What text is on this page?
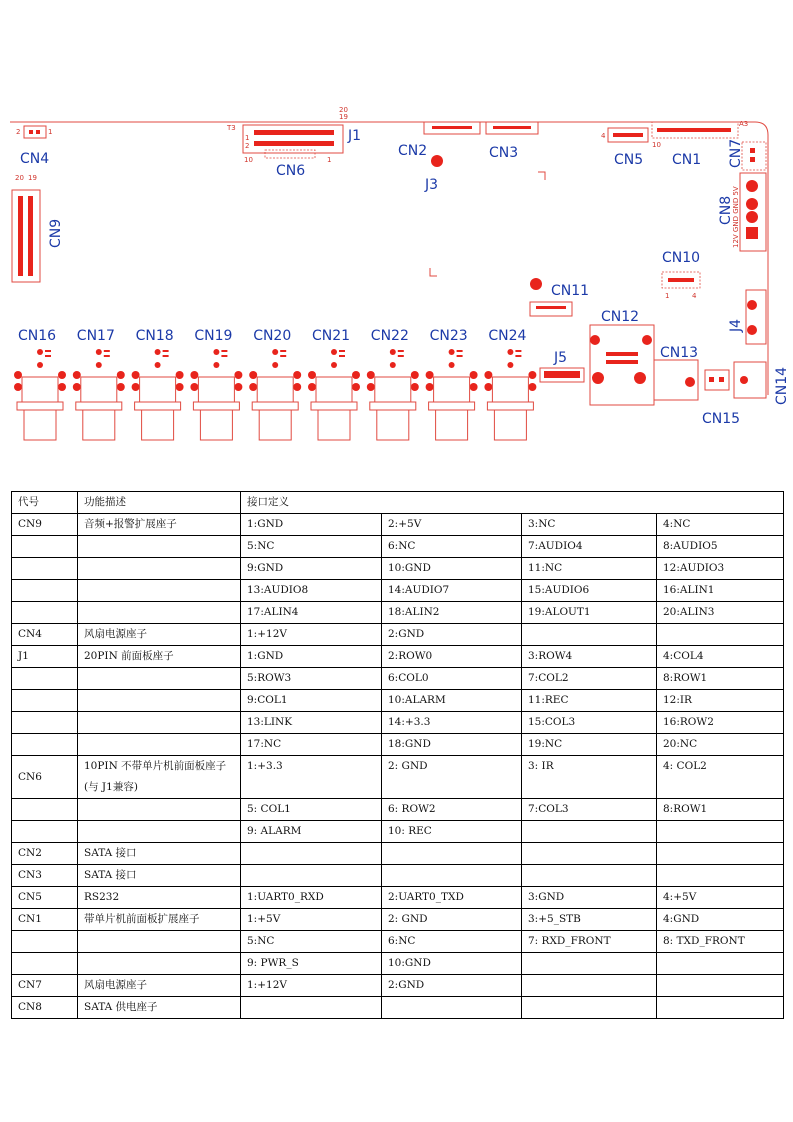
2	1
CN4
T3
1
2
20
19
10	1
J1
CN6
CN2	CN3
J3
4
CN5
10
A3
CN1 CN7
12V GND GND 5V
CN8
20 19
CN9
CN10
1	4
CN11
CN12
CN13
J4
J5
CN14
CN15
CN16 CN17 CN18 CN19 CN20 CN21 CN22 CN23 CN24
代号	功能描述	接口定义			
CN9	音频+报警扩展座子	1:GND	2:+5V	3:NC	4:NC
		5:NC	6:NC	7:AUDIO4	8:AUDIO5
		9:GND	10:GND	11:NC	12:AUDIO3
		13:AUDIO8	14:AUDIO7	15:AUDIO6	16:ALIN1
		17:ALIN4	18:ALIN2	19:ALOUT1	20:ALIN3
CN4	风扇电源座子	1:+12V	2:GND		
J1	20PIN 前面板座子	1:GND	2:ROW0	3:ROW4	4:COL4
		5:ROW3	6:COL0	7:COL2	8:ROW1
		9:COL1	10:ALARM	11:REC	12:IR
		13:LINK	14:+3.3	15:COL3	16:ROW2
		17:NC	18:GND	19:NC	20:NC
CN6	10PIN 不带单片机前面板座子(与 J1兼容)	1:+3.3	2: GND	3: IR	4: COL2
		5: COL1	6: ROW2	7:COL3	8:ROW1
		9: ALARM	10: REC		
CN2	SATA 接口				
CN3	SATA 接口				
CN5	RS232	1:UART0_RXD	2:UART0_TXD	3:GND	4:+5V
CN1	带单片机前面板扩展座子	1:+5V	2: GND	3:+5_STB	4:GND
		5:NC	6:NC	7: RXD_FRONT	8: TXD_FRONT
		9: PWR_S	10:GND		
CN7	风扇电源座子	1:+12V	2:GND		
CN8	SATA 供电座子				
